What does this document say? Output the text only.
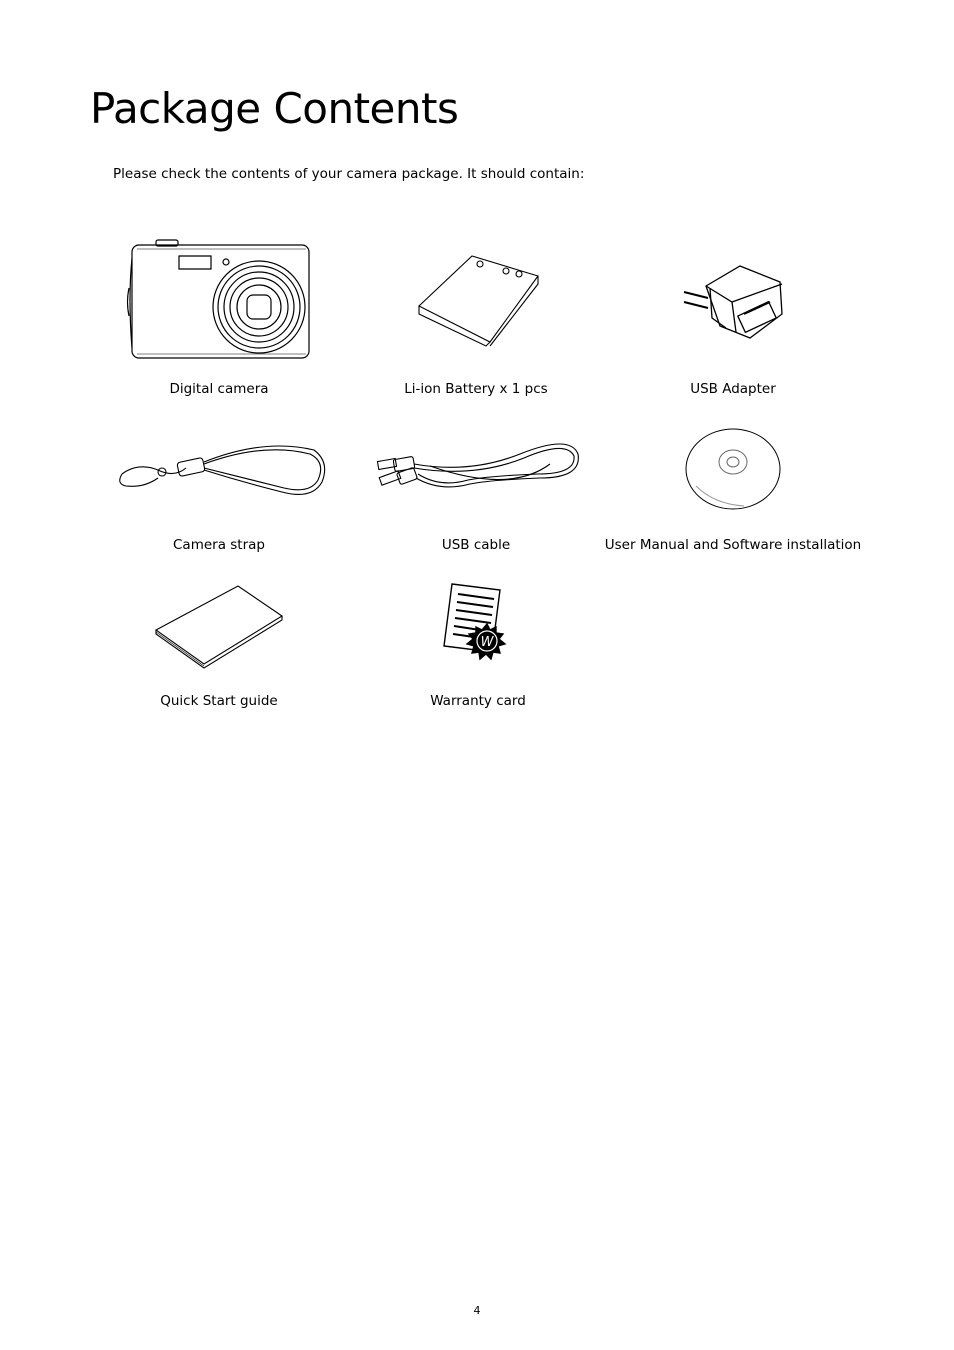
Package Contents

Please check the contents of your camera package. It should contain:

Digital camera	Li-ion Battery x 1 pcs	USB Adapter
Camera strap	USB cable	User Manual and Software installation
Quick Start guide
W
Warranty card
4
